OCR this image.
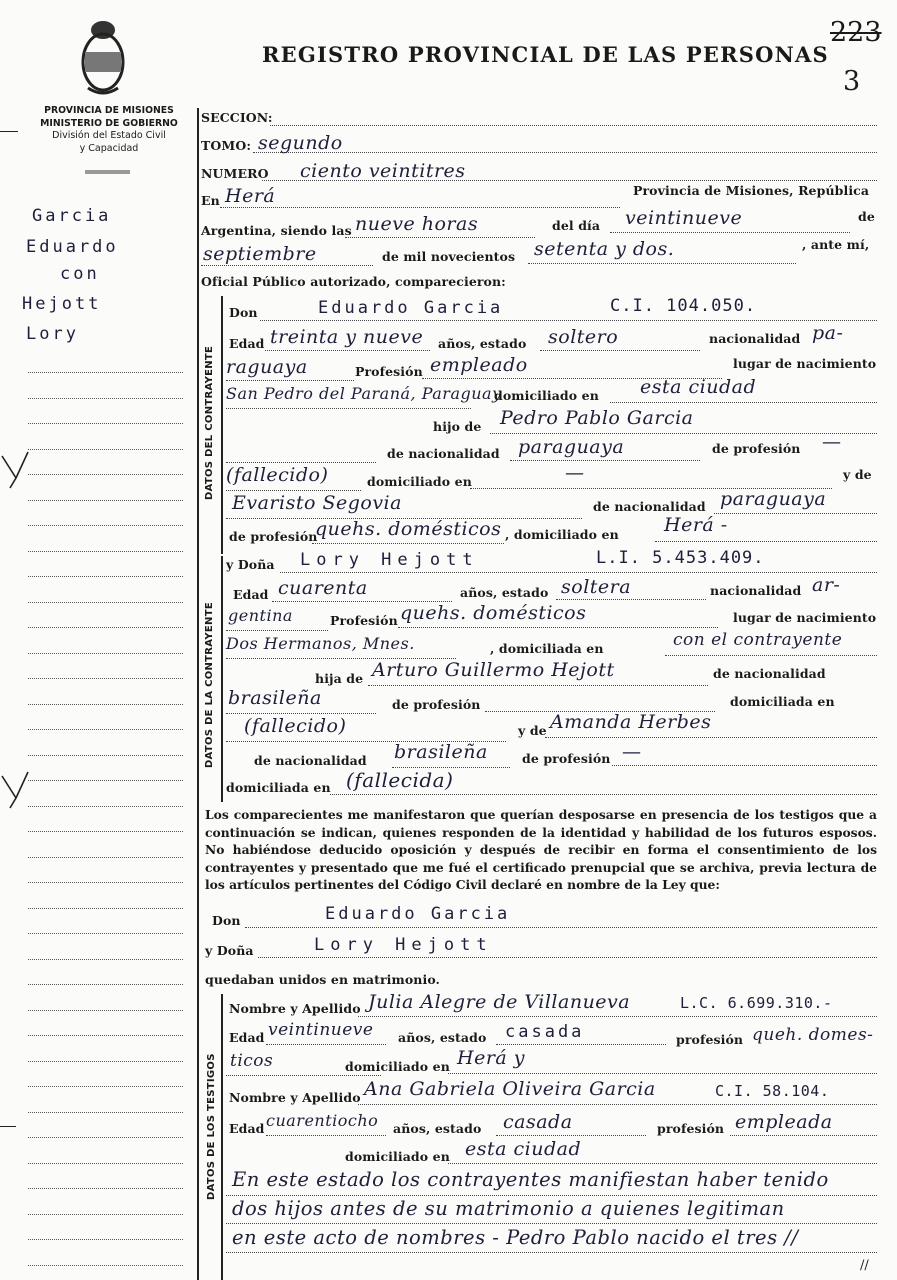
PROVINCIA DE MISIONES
MINISTERIO DE GOBIERNO
División del Estado Civil
y Capacidad
REGISTRO PROVINCIAL DE LAS PERSONAS
223
3
Garcia
Eduardo
con
Hejott
Lory
SECCION:
TOMO: segundo
NUMERO ciento veintitres
En Herá	Provincia de Misiones, República
Argentina, siendo las nueve horas	del día veintinueve	de
septiembre	de mil novecientos setenta y dos.	, ante mí,
Oficial Público autorizado, comparecieron:
DATOS DEL CONTRAYENTE
Don	Eduardo Garcia	C.I. 104.050.
Edad treinta y nueve años, estado soltero	nacionalidad pa-
raguaya	Profesión empleado	lugar de nacimiento
San Pedro del Paraná, Paraguay
domiciliado en esta ciudad
hijo de Pedro Pablo Garcia
de nacionalidad paraguaya	de profesión —
(fallecido)	domiciliado en	—	y de
Evaristo Segovia	de nacionalidad paraguaya
de profesión
quehs. domésticos , domiciliado en Herá -
DATOS DE LA CONTRAYENTE
y Doña Lory Hejott	L.I. 5.453.409.
Edad cuarenta	años, estado soltera	nacionalidad ar-
gentina	Profesión quehs. domésticos	lugar de nacimiento
Dos Hermanos, Mnes.	, domiciliada en	con el contrayente
hija de Arturo Guillermo Hejott	de nacionalidad
brasileña	de profesión	domiciliada en
(fallecido)	y de Amanda Herbes
de nacionalidad brasileña	de profesión —
domiciliada en (fallecida)
Los comparecientes me manifestaron que querían desposarse en presencia de los testigos que a continuación se indican, quienes responden de la identidad y habilidad de los futuros esposos. No habiéndose deducido oposición y después de recibir en forma el consentimiento de los contrayentes y presentado que me fué el certificado prenupcial que se archiva, previa lectura de los artículos pertinentes del Código Civil declaré en nombre de la Ley que:
Don	Eduardo Garcia
y Doña	Lory Hejott
quedaban unidos en matrimonio.
DATOS DE LOS TESTIGOS
Nombre y Apellido Julia Alegre de Villanueva	L.C. 6.699.310.-
Edad veintinueve años, estado casada	profesión queh. domes-
ticos	domiciliado en Herá y
Nombre y Apellido Ana Gabriela Oliveira Garcia	C.I. 58.104.
Edad cuarentiocho años, estado casada	profesión empleada
domiciliado en esta ciudad
En este estado los contrayentes manifiestan haber tenido
dos hijos antes de su matrimonio a quienes legitiman
en este acto de nombres - Pedro Pablo nacido el tres //
//
